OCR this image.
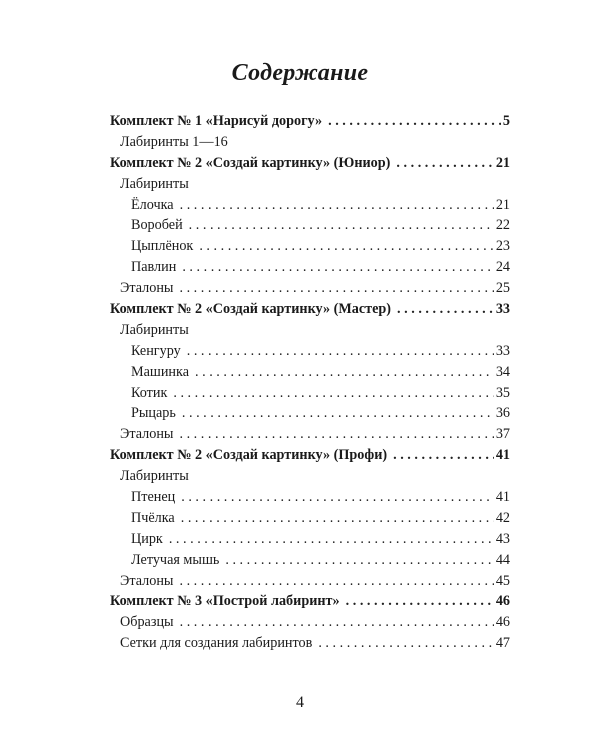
Содержание
Комплект № 1 «Нарисуй дорогу» . . .	5
Лабиринты 1—16
Комплект № 2 «Создай картинку» (Юниор) . . .	21
Лабиринты
Ёлочка . . .	21
Воробей . . .	22
Цыплёнок . . .	23
Павлин . . .	24
Эталоны . . .	25
Комплект № 2 «Создай картинку» (Мастер) . . .	33
Лабиринты
Кенгуру . . .	33
Машинка . . .	34
Котик . . .	35
Рыцарь . . .	36
Эталоны . . .	37
Комплект № 2 «Создай картинку» (Профи) . . .	41
Лабиринты
Птенец . . .	41
Пчёлка . . .	42
Цирк . . .	43
Летучая мышь . . .	44
Эталоны . . .	45
Комплект № 3 «Построй лабиринт» . . .	46
Образцы . . .	46
Сетки для создания лабиринтов . . .	47
4
